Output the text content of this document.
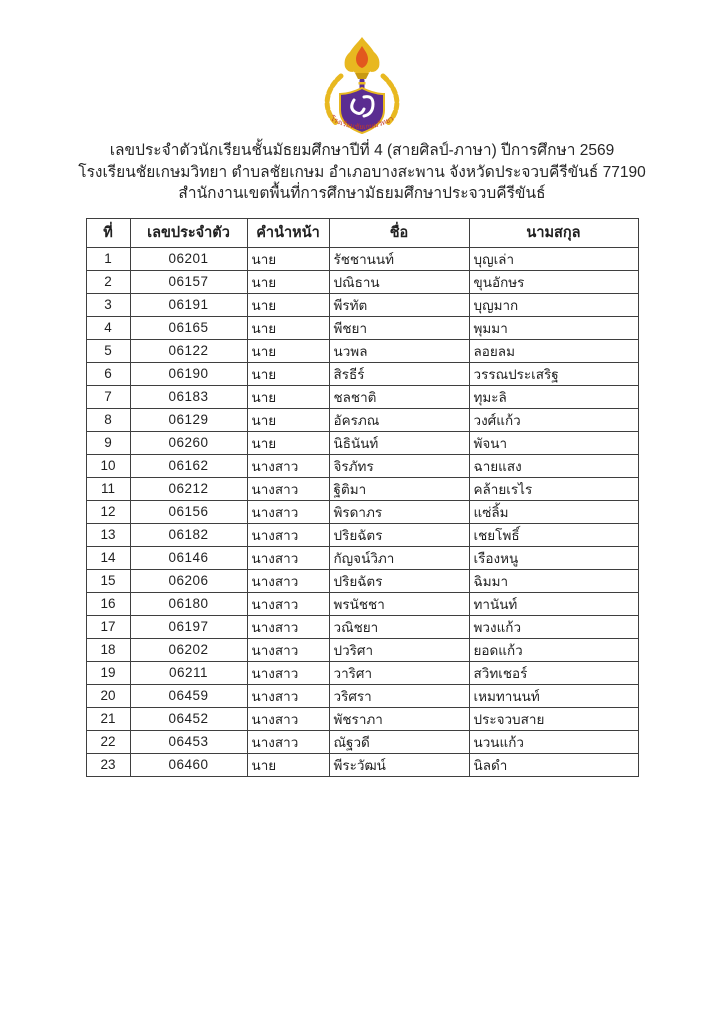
โรงเรียนชัยเกษมวิทยา
เลขประจำตัวนักเรียนชั้นมัธยมศึกษาปีที่ 4 (สายศิลป์-ภาษา) ปีการศึกษา 2569
โรงเรียนชัยเกษมวิทยา ตำบลชัยเกษม อำเภอบางสะพาน จังหวัดประจวบคีรีขันธ์ 77190
สำนักงานเขตพื้นที่การศึกษามัธยมศึกษาประจวบคีรีขันธ์
ที่	เลขประจำตัว	คำนำหน้า	ชื่อ	นามสกุล
1	06201	นาย	รัชชานนท์	บุญเล่า
2	06157	นาย	ปณิธาน	ขุนอักษร
3	06191	นาย	พีรทัต	บุญมาก
4	06165	นาย	พีชยา	พุมมา
5	06122	นาย	นวพล	ลอยลม
6	06190	นาย	สิรธีร์	วรรณประเสริฐ
7	06183	นาย	ชลชาติ	ทุมะลิ
8	06129	นาย	อัครภณ	วงศ์แก้ว
9	06260	นาย	นิธินันท์	พัจนา
10	06162	นางสาว	จิรภัทร	ฉายแสง
11	06212	นางสาว	ฐิติมา	คล้ายเรไร
12	06156	นางสาว	พิรดาภร	แซ่ลิ้ม
13	06182	นางสาว	ปริยฉัตร	เชยโพธิ์
14	06146	นางสาว	กัญจน์วิภา	เรืองหนู
15	06206	นางสาว	ปริยฉัตร	ฉิมมา
16	06180	นางสาว	พรนัชชา	ทานันท์
17	06197	นางสาว	วณิชยา	พวงแก้ว
18	06202	นางสาว	ปวริศา	ยอดแก้ว
19	06211	นางสาว	วาริศา	สวิทเชอร์
20	06459	นางสาว	วริศรา	เหมทานนท์
21	06452	นางสาว	พัชราภา	ประจวบสาย
22	06453	นางสาว	ณัฐวดี	นวนแก้ว
23	06460	นาย	พีระวัฒน์	นิลดำ
